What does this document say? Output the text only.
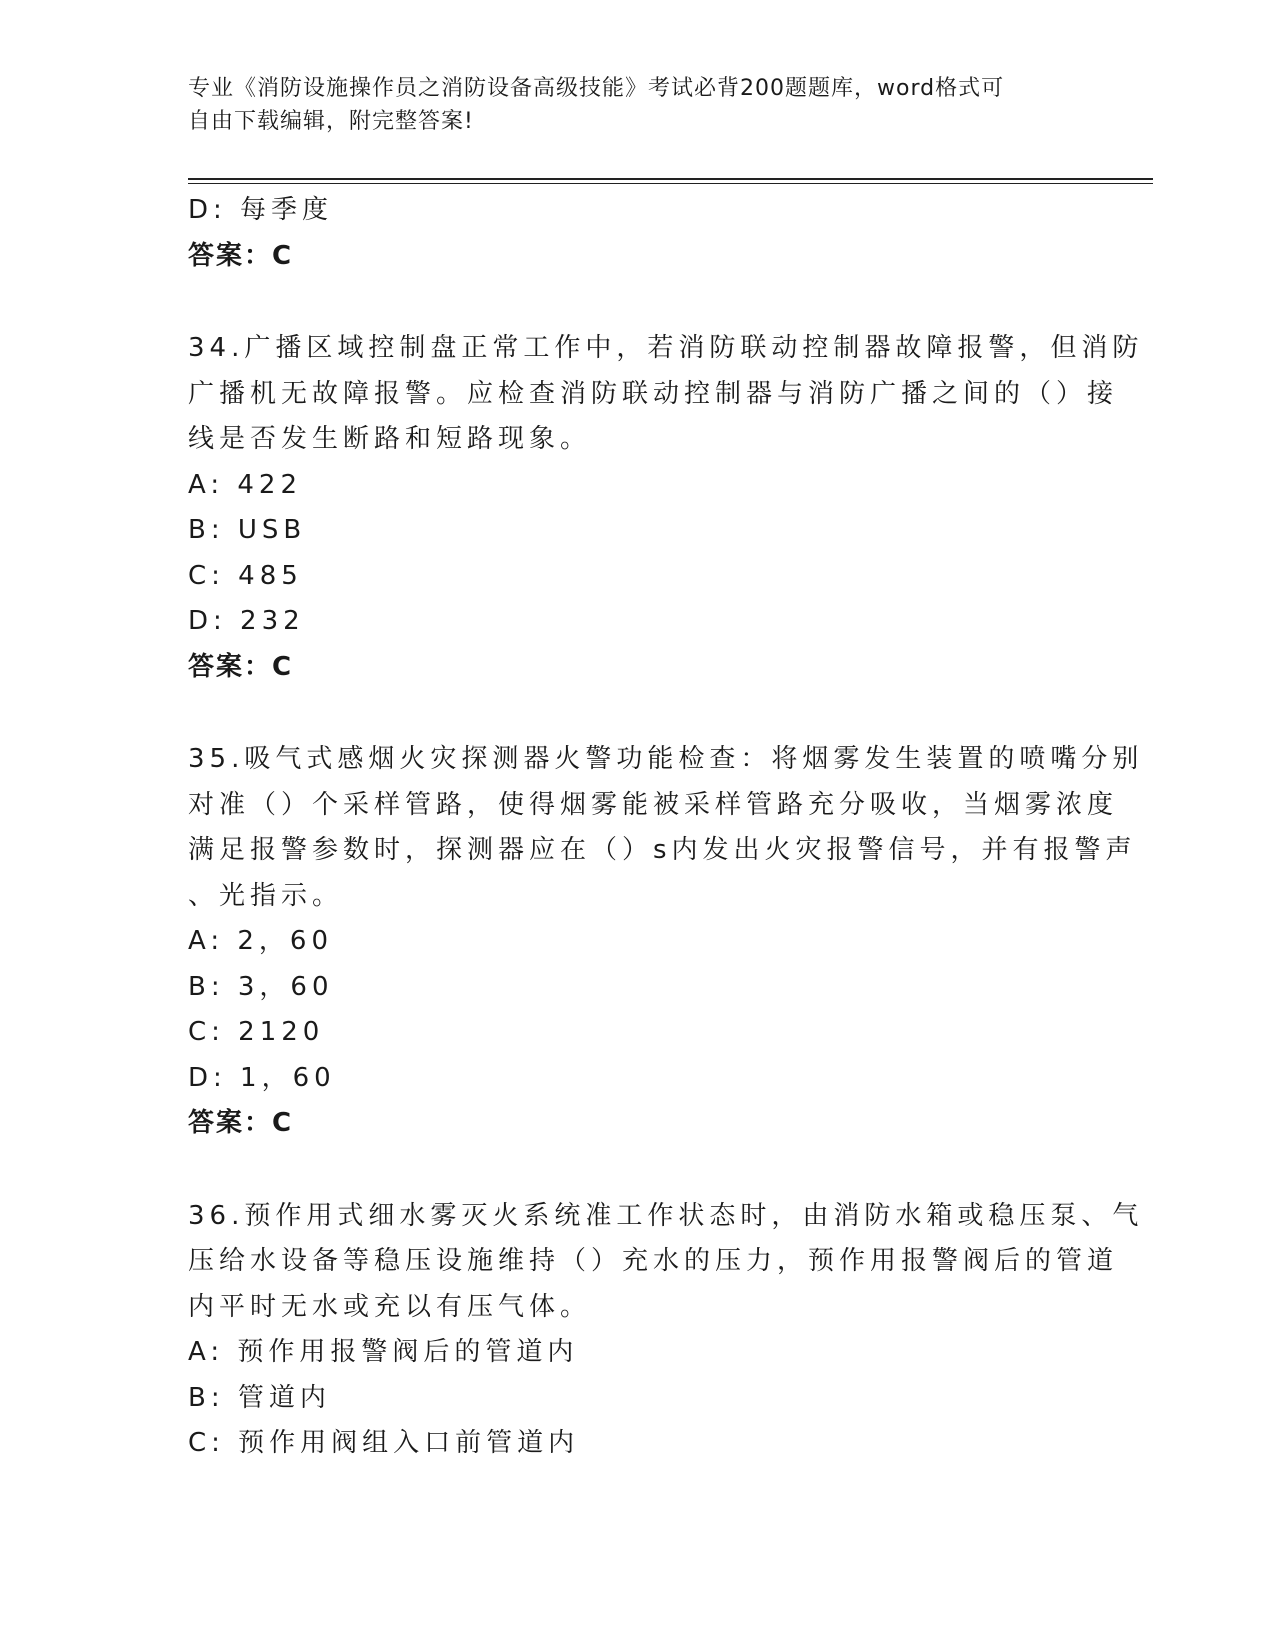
专业《消防设施操作员之消防设备高级技能》考试必背200题题库，word格式可
自由下载编辑，附完整答案!
D: 每季度
答案：C
34.广播区域控制盘正常工作中，若消防联动控制器故障报警，但消防
广播机无故障报警。应检查消防联动控制器与消防广播之间的（）接
线是否发生断路和短路现象。
A: 422
B: USB
C: 485
D: 232
答案：C
35.吸气式感烟火灾探测器火警功能检查：将烟雾发生装置的喷嘴分别
对准（）个采样管路，使得烟雾能被采样管路充分吸收，当烟雾浓度
满足报警参数时，探测器应在（）s内发出火灾报警信号，并有报警声
、光指示。
A: 2，60
B: 3，60
C: 2120
D: 1，60
答案：C
36.预作用式细水雾灭火系统准工作状态时，由消防水箱或稳压泵、气
压给水设备等稳压设施维持（）充水的压力，预作用报警阀后的管道
内平时无水或充以有压气体。
A: 预作用报警阀后的管道内
B: 管道内
C: 预作用阀组入口前管道内
